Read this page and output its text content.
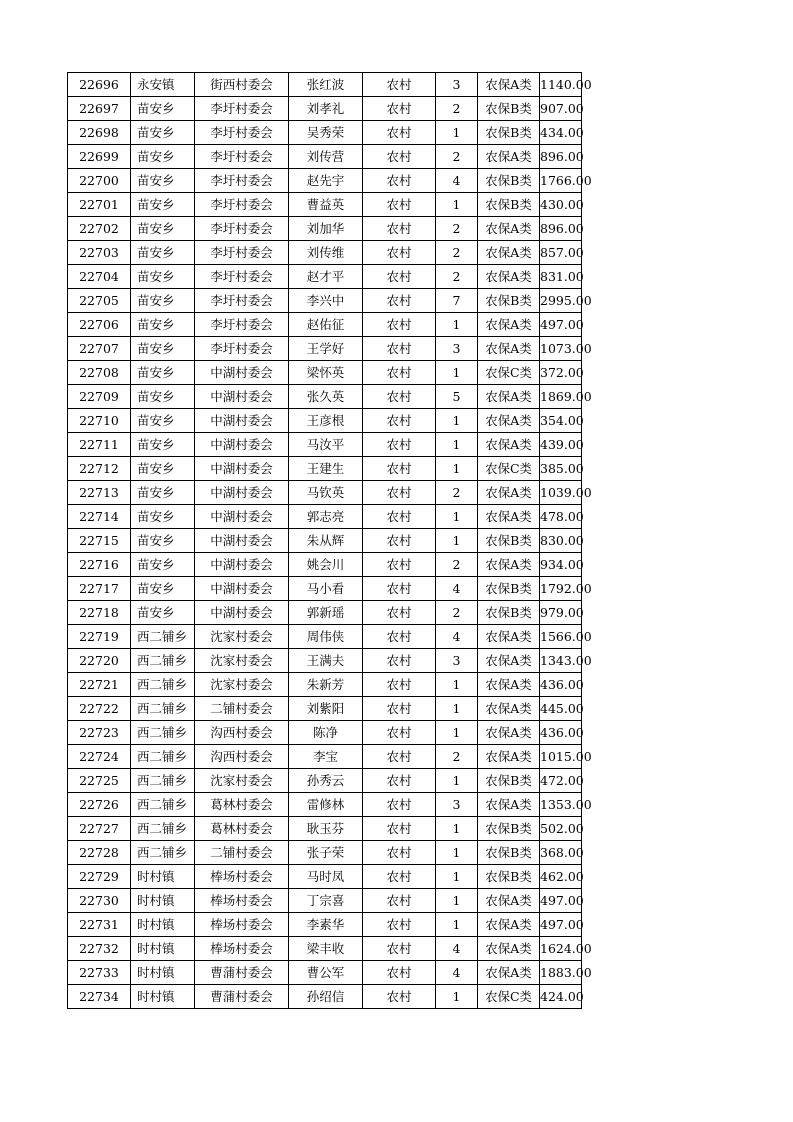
22696	永安镇	街西村委会	张红波	农村	3	农保A类	1140.00
22697	苗安乡	李圩村委会	刘孝礼	农村	2	农保B类	907.00
22698	苗安乡	李圩村委会	吴秀荣	农村	1	农保B类	434.00
22699	苗安乡	李圩村委会	刘传营	农村	2	农保A类	896.00
22700	苗安乡	李圩村委会	赵先宇	农村	4	农保B类	1766.00
22701	苗安乡	李圩村委会	曹益英	农村	1	农保B类	430.00
22702	苗安乡	李圩村委会	刘加华	农村	2	农保A类	896.00
22703	苗安乡	李圩村委会	刘传维	农村	2	农保A类	857.00
22704	苗安乡	李圩村委会	赵才平	农村	2	农保A类	831.00
22705	苗安乡	李圩村委会	李兴中	农村	7	农保B类	2995.00
22706	苗安乡	李圩村委会	赵佑征	农村	1	农保A类	497.00
22707	苗安乡	李圩村委会	王学好	农村	3	农保A类	1073.00
22708	苗安乡	中湖村委会	梁怀英	农村	1	农保C类	372.00
22709	苗安乡	中湖村委会	张久英	农村	5	农保A类	1869.00
22710	苗安乡	中湖村委会	王彦根	农村	1	农保A类	354.00
22711	苗安乡	中湖村委会	马汝平	农村	1	农保A类	439.00
22712	苗安乡	中湖村委会	王建生	农村	1	农保C类	385.00
22713	苗安乡	中湖村委会	马钦英	农村	2	农保A类	1039.00
22714	苗安乡	中湖村委会	郭志亮	农村	1	农保A类	478.00
22715	苗安乡	中湖村委会	朱从辉	农村	1	农保B类	830.00
22716	苗安乡	中湖村委会	姚会川	农村	2	农保A类	934.00
22717	苗安乡	中湖村委会	马小看	农村	4	农保B类	1792.00
22718	苗安乡	中湖村委会	郭新瑶	农村	2	农保B类	979.00
22719	西二铺乡	沈家村委会	周伟侠	农村	4	农保A类	1566.00
22720	西二铺乡	沈家村委会	王满夫	农村	3	农保A类	1343.00
22721	西二铺乡	沈家村委会	朱新芳	农村	1	农保A类	436.00
22722	西二铺乡	二铺村委会	刘紫阳	农村	1	农保A类	445.00
22723	西二铺乡	沟西村委会	陈净	农村	1	农保A类	436.00
22724	西二铺乡	沟西村委会	李宝	农村	2	农保A类	1015.00
22725	西二铺乡	沈家村委会	孙秀云	农村	1	农保B类	472.00
22726	西二铺乡	葛林村委会	雷修林	农村	3	农保A类	1353.00
22727	西二铺乡	葛林村委会	耿玉芬	农村	1	农保B类	502.00
22728	西二铺乡	二铺村委会	张子荣	农村	1	农保B类	368.00
22729	时村镇	棒场村委会	马时凤	农村	1	农保B类	462.00
22730	时村镇	棒场村委会	丁宗喜	农村	1	农保A类	497.00
22731	时村镇	棒场村委会	李素华	农村	1	农保A类	497.00
22732	时村镇	棒场村委会	梁丰收	农村	4	农保A类	1624.00
22733	时村镇	曹蒲村委会	曹公军	农村	4	农保A类	1883.00
22734	时村镇	曹蒲村委会	孙绍信	农村	1	农保C类	424.00
